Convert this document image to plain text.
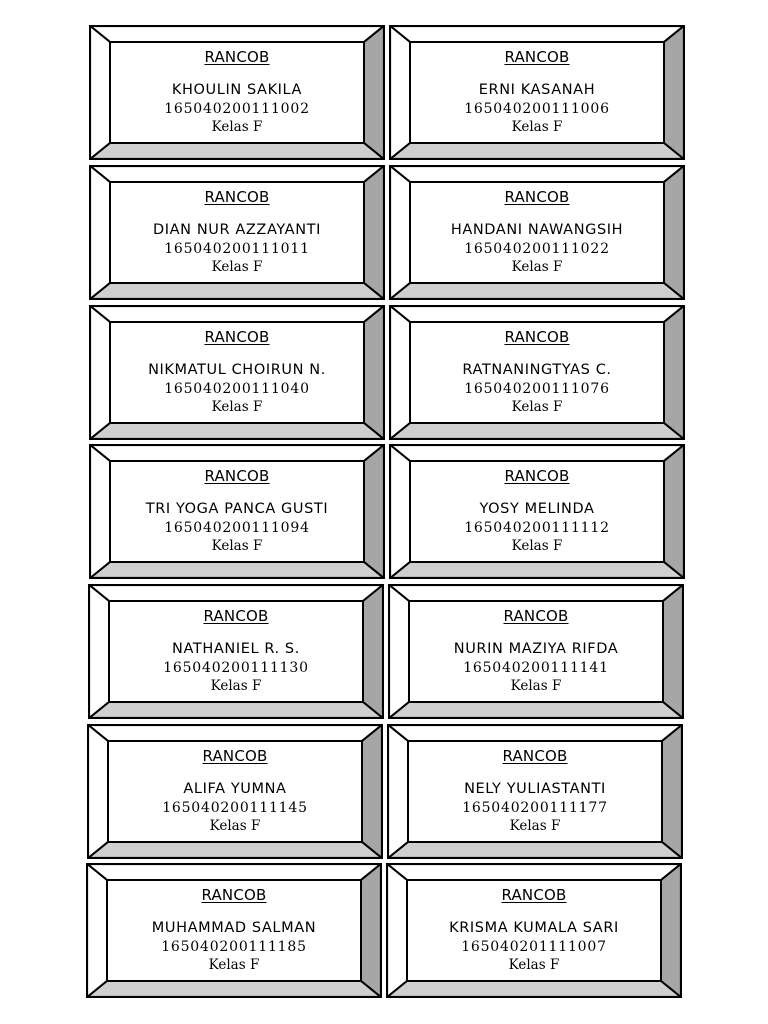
RANCOB
KHOULIN SAKILA
165040200111002
Kelas F
RANCOB
ERNI KASANAH
165040200111006
Kelas F
RANCOB
DIAN NUR AZZAYANTI
165040200111011
Kelas F
RANCOB
HANDANI NAWANGSIH
165040200111022
Kelas F
RANCOB
NIKMATUL CHOIRUN N.
165040200111040
Kelas F
RANCOB
RATNANINGTYAS C.
165040200111076
Kelas F
RANCOB
TRI YOGA PANCA GUSTI
165040200111094
Kelas F
RANCOB
YOSY MELINDA
165040200111112
Kelas F
RANCOB
NATHANIEL R. S.
165040200111130
Kelas F
RANCOB
NURIN MAZIYA RIFDA
165040200111141
Kelas F
RANCOB
ALIFA YUMNA
165040200111145
Kelas F
RANCOB
NELY YULIASTANTI
165040200111177
Kelas F
RANCOB
MUHAMMAD SALMAN
165040200111185
Kelas F
RANCOB
KRISMA KUMALA SARI
165040201111007
Kelas F
